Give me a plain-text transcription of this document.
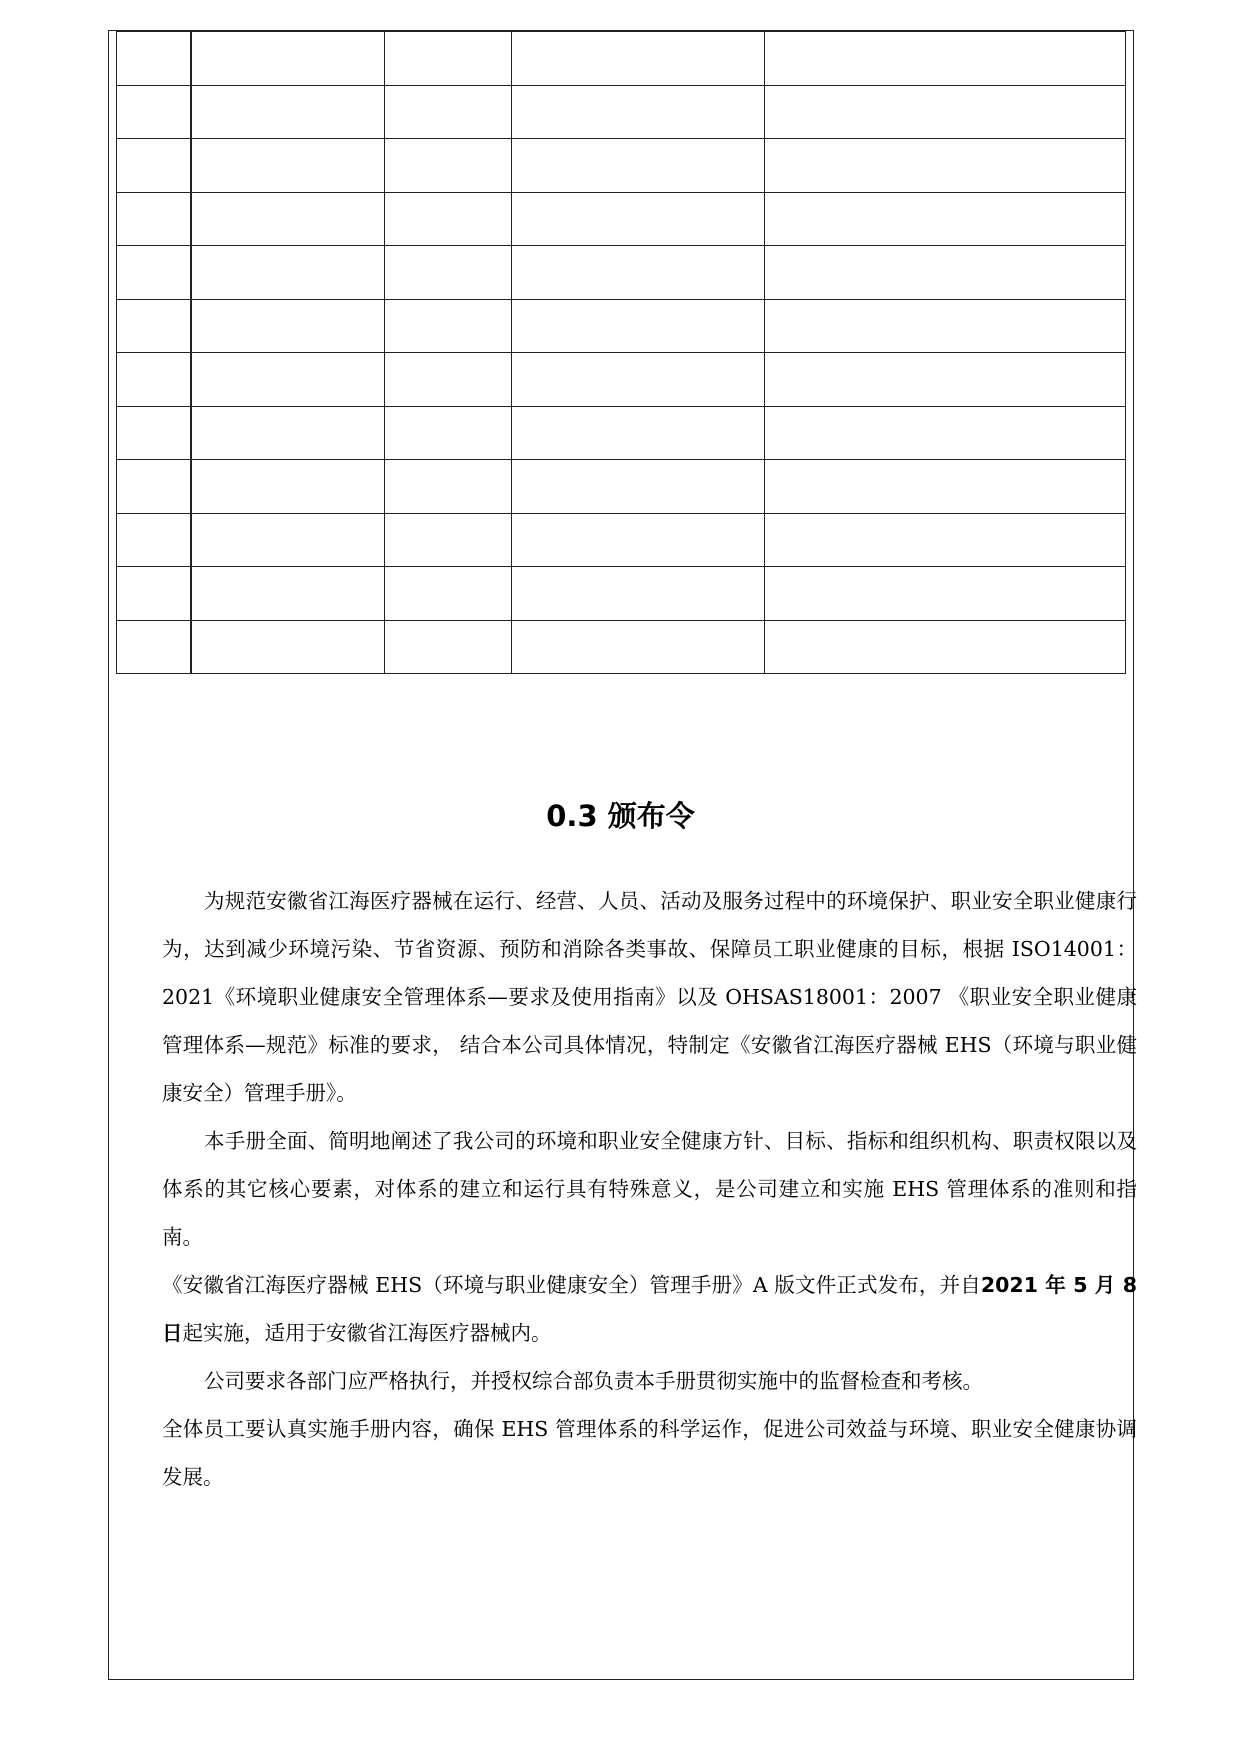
0.3 颁布令

为规范安徽省江海医疗器械在运行、经营、人员、活动及服务过程中的环境保护、职业安全职业健康行为，达到减少环境污染、节省资源、预防和消除各类事故、保障员工职业健康的目标，根据 ISO14001：2021《环境职业健康安全管理体系—要求及使用指南》以及 OHSAS18001：2007 《职业安全职业健康管理体系—规范》标准的要求， 结合本公司具体情况，特制定《安徽省江海医疗器械 EHS（环境与职业健康安全）管理手册》。

本手册全面、简明地阐述了我公司的环境和职业安全健康方针、目标、指标和组织机构、职责权限以及体系的其它核心要素，对体系的建立和运行具有特殊意义，是公司建立和实施 EHS 管理体系的准则和指南。

《安徽省江海医疗器械 EHS（环境与职业健康安全）管理手册》A 版文件正式发布，并自2021 年 5 月 8 日起实施，适用于安徽省江海医疗器械内。

公司要求各部门应严格执行，并授权综合部负责本手册贯彻实施中的监督检查和考核。

全体员工要认真实施手册内容，确保 EHS 管理体系的科学运作，促进公司效益与环境、职业安全健康协调发展。
